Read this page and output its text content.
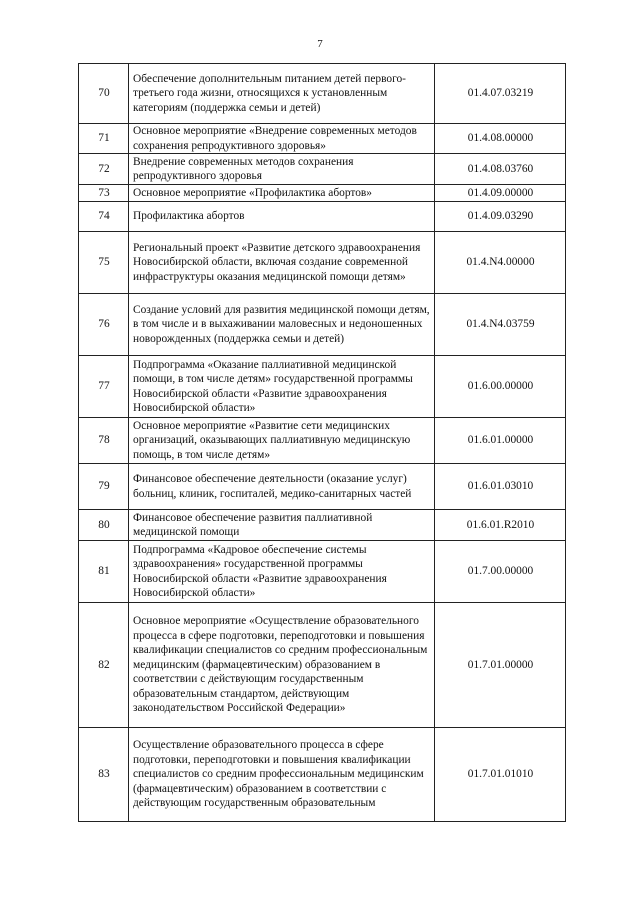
7
70	Обеспечение дополнительным питанием детей первого-третьего года жизни, относящихся к установленным категориям (поддержка семьи и детей)	01.4.07.03219
71	Основное мероприятие «Внедрение современных методов сохранения репродуктивного здоровья»	01.4.08.00000
72	Внедрение современных методов сохранения репродуктивного здоровья	01.4.08.03760
73	Основное мероприятие «Профилактика абортов»	01.4.09.00000
74	Профилактика абортов	01.4.09.03290
75	Региональный проект «Развитие детского здравоохранения Новосибирской области, включая создание современной инфраструктуры оказания медицинской помощи детям»	01.4.N4.00000
76	Создание условий для развития медицинской помощи детям, в том числе и в выхаживании маловесных и недоношенных новорожденных (поддержка семьи и детей)	01.4.N4.03759
77	Подпрограмма «Оказание паллиативной медицинской помощи, в том числе детям» государственной программы Новосибирской области «Развитие здравоохранения Новосибирской области»	01.6.00.00000
78	Основное мероприятие «Развитие сети медицинских организаций, оказывающих паллиативную медицинскую помощь, в том числе детям»	01.6.01.00000
79	Финансовое обеспечение деятельности (оказание услуг) больниц, клиник, госпиталей, медико-санитарных частей	01.6.01.03010
80	Финансовое обеспечение развития паллиативной медицинской помощи	01.6.01.R2010
81	Подпрограмма «Кадровое обеспечение системы здравоохранения» государственной программы Новосибирской области «Развитие здравоохранения Новосибирской области»	01.7.00.00000
82	Основное мероприятие «Осуществление образовательного процесса в сфере подготовки, переподготовки и повышения квалификации специалистов со средним профессиональным медицинским (фармацевтическим) образованием в соответствии с действующим государственным образовательным стандартом, действующим законодательством Российской Федерации»	01.7.01.00000
83	Осуществление образовательного процесса в сфере подготовки, переподготовки и повышения квалификации специалистов со средним профессиональным медицинским (фармацевтическим) образованием в соответствии с действующим государственным образовательным	01.7.01.01010
